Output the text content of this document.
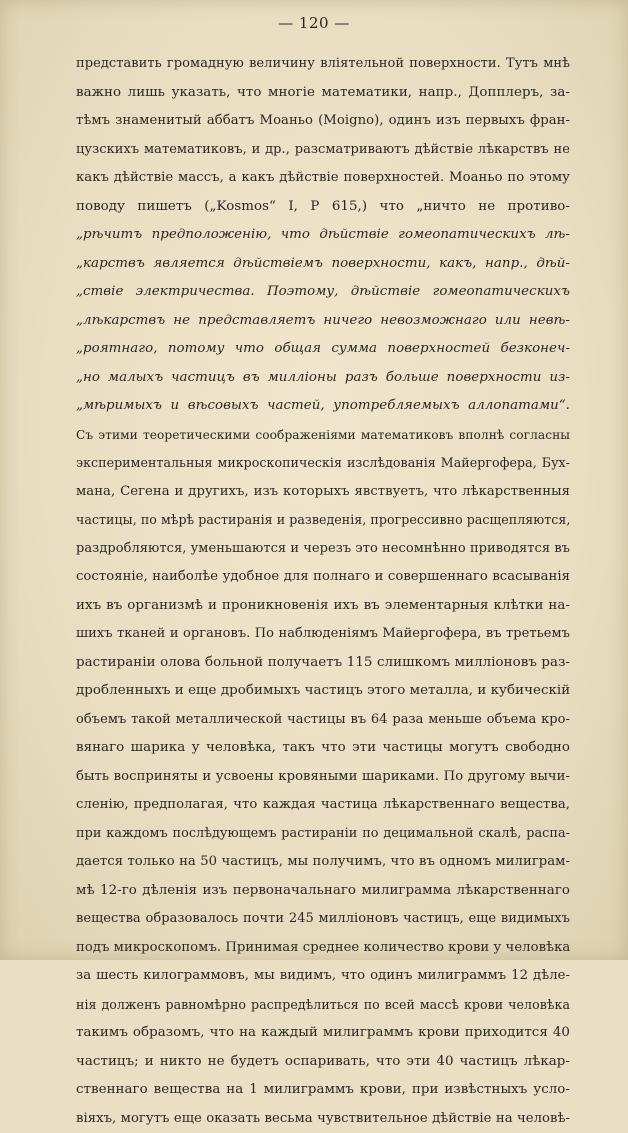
— 120 —
представить громадную величину влiятельной поверхности. Тутъ мнѣ
важно лишь указать, что многiе математики, напр., Допплеръ, за-
тѣмъ знаменитый аббатъ Моаньо (Moigno), одинъ изъ первыхъ фран-
цузскихъ математиковъ, и др., разсматриваютъ дѣйствiе лѣкарствъ не
какъ дѣйствiе массъ, а какъ дѣйствiе поверхностей. Моаньо по этому
поводу пишетъ („Kosmos“ I, P 615,) что „ничто не противо-
„рѣчитъ предположенiю, что дѣйствiе гомеопатическихъ лѣ-
„карствъ является дѣйствiемъ поверхности, какъ, напр., дѣй-
„ствiе электричества. Поэтому, дѣйствiе гомеопатическихъ
„лѣкарствъ не представляетъ ничего невозможнаго или невѣ-
„роятнаго, потому что общая сумма поверхностей безконеч-
„но малыхъ частицъ въ миллiоны разъ больше поверхности из-
„мѣримыхъ и вѣсовыхъ частей, употребляемыхъ аллопатами“.
Съ этими теоретическими соображенiями математиковъ вполнѣ согласны
экспериментальныя микроскопическiя изслѣдованiя Майергофера, Бух-
мана, Сегена и другихъ, изъ которыхъ явствуетъ, что лѣкарственныя
частицы, по мѣрѣ растиранiя и разведенiя, прогрессивно расщепляются,
раздробляются, уменьшаются и черезъ это несомнѣнно приводятся въ
состоянiе, наиболѣе удобное для полнаго и совершеннаго всасыванiя
ихъ въ организмѣ и проникновенiя ихъ въ элементарныя клѣтки на-
шихъ тканей и органовъ. По наблюденiямъ Майергофера, въ третьемъ
растиранiи олова больной получаетъ 115 слишкомъ миллiоновъ раз-
дробленныхъ и еще дробимыхъ частицъ этого металла, и кубическiй
объемъ такой металлической частицы въ 64 раза меньше объема кро-
вянаго шарика у человѣка, такъ что эти частицы могутъ свободно
быть восприняты и усвоены кровяными шариками. По другому вычи-
сленiю, предполагая, что каждая частица лѣкарственнаго вещества,
при каждомъ послѣдующемъ растиранiи по децимальной скалѣ, распа-
дается только на 50 частицъ, мы получимъ, что въ одномъ милиграм-
мѣ 12-го дѣленiя изъ первоначальнаго милиграмма лѣкарственнаго
вещества образовалось почти 245 миллiоновъ частицъ, еще видимыхъ
подъ микроскопомъ. Принимая среднее количество крови у человѣка
за шесть килограммовъ, мы видимъ, что одинъ милиграммъ 12 дѣле-
нiя долженъ равномѣрно распредѣлиться по всей массѣ крови человѣка
такимъ образомъ, что на каждый милиграммъ крови приходится 40
частицъ; и никто не будетъ оспаривать, что эти 40 частицъ лѣкар-
ственнаго вещества на 1 милиграммъ крови, при извѣстныхъ усло-
вiяхъ, могутъ еще оказать весьма чувствительное дѣйствiе на человѣ-
